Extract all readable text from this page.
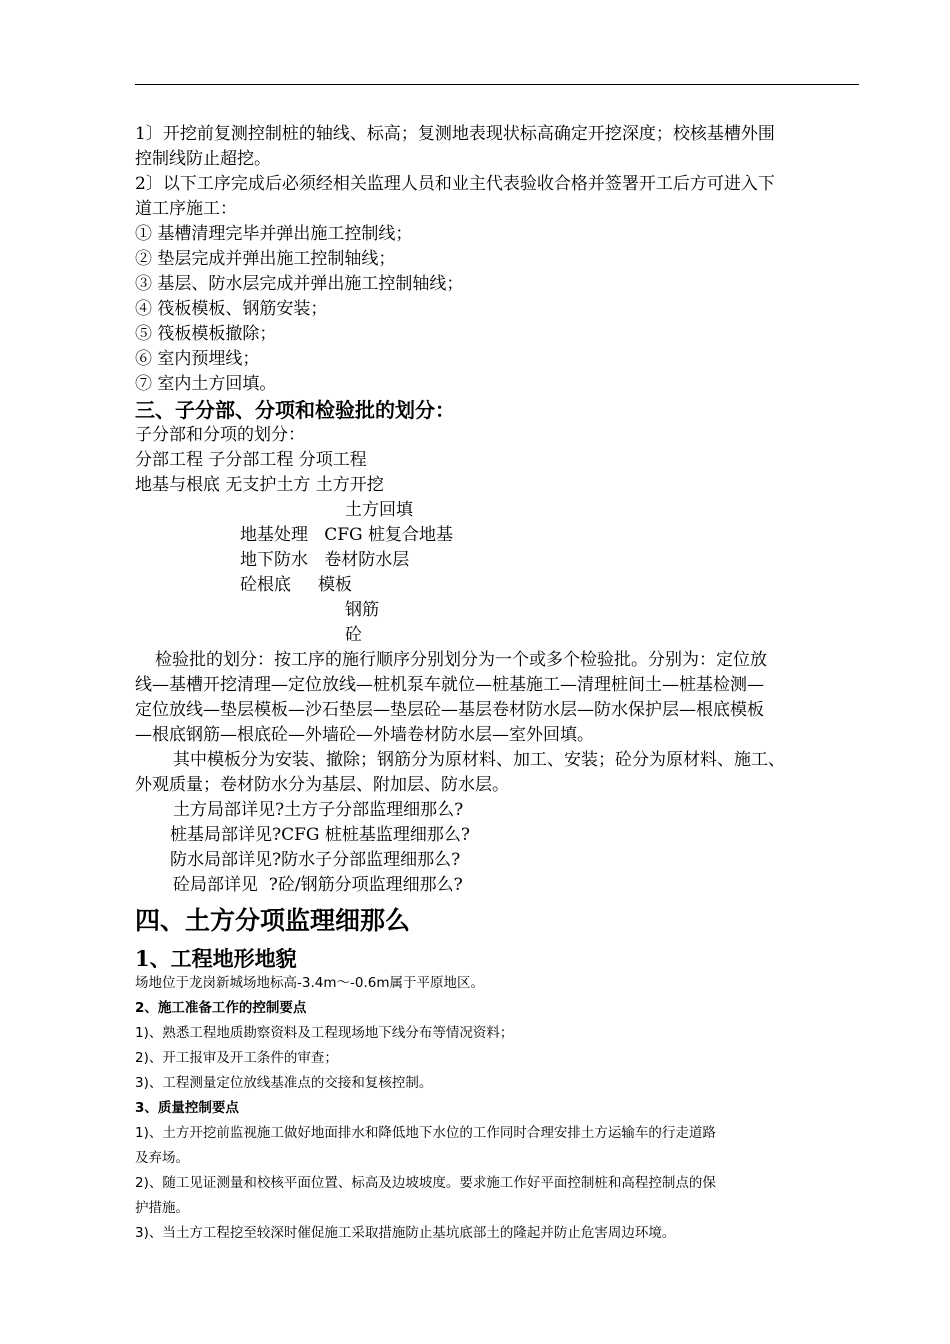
1〕开挖前复测控制桩的轴线、标高；复测地表现状标高确定开挖深度；校核基槽外围
控制线防止超挖。
2〕以下工序完成后必须经相关监理人员和业主代表验收合格并签署开工后方可进入下
道工序施工：
① 基槽清理完毕并弹出施工控制线；
② 垫层完成并弹出施工控制轴线；
③ 基层、防水层完成并弹出施工控制轴线；
④ 筏板模板、钢筋安装；
⑤ 筏板模板撤除；
⑥ 室内预埋线；
⑦ 室内土方回填。
三、子分部、分项和检验批的划分：
子分部和分项的划分：
分部工程 子分部工程 分项工程
地基与根底 无支护土方 土方开挖
土方回填
地基处理   CFG 桩复合地基
地下防水   卷材防水层
砼根底     模板
钢筋
砼
检验批的划分：按工序的施行顺序分别划分为一个或多个检验批。分别为：定位放
线—基槽开挖清理—定位放线—桩机泵车就位—桩基施工—清理桩间土—桩基检测—
定位放线—垫层模板—沙石垫层—垫层砼—基层卷材防水层—防水保护层—根底模板
—根底钢筋—根底砼—外墙砼—外墙卷材防水层—室外回填。
其中模板分为安装、撤除；钢筋分为原材料、加工、安装；砼分为原材料、施工、
外观质量；卷材防水分为基层、附加层、防水层。
土方局部详见?土方子分部监理细那么?
桩基局部详见?CFG 桩桩基监理细那么?
防水局部详见?防水子分部监理细那么?
砼局部详见  ?砼/钢筋分项监理细那么?
四、土方分项监理细那么
1、工程地形地貌
场地位于龙岗新城场地标高-3.4m～-0.6m属于平原地区。
2、施工准备工作的控制要点
1)、熟悉工程地质勘察资料及工程现场地下线分布等情况资料；
2)、开工报审及开工条件的审查；
3)、工程测量定位放线基准点的交接和复核控制。
3、质量控制要点
1)、土方开挖前监视施工做好地面排水和降低地下水位的工作同时合理安排土方运输车的行走道路
及弃场。
2)、随工见证测量和校核平面位置、标高及边坡坡度。要求施工作好平面控制桩和高程控制点的保
护措施。
3)、当土方工程挖至较深时催促施工采取措施防止基坑底部土的隆起并防止危害周边环境。
